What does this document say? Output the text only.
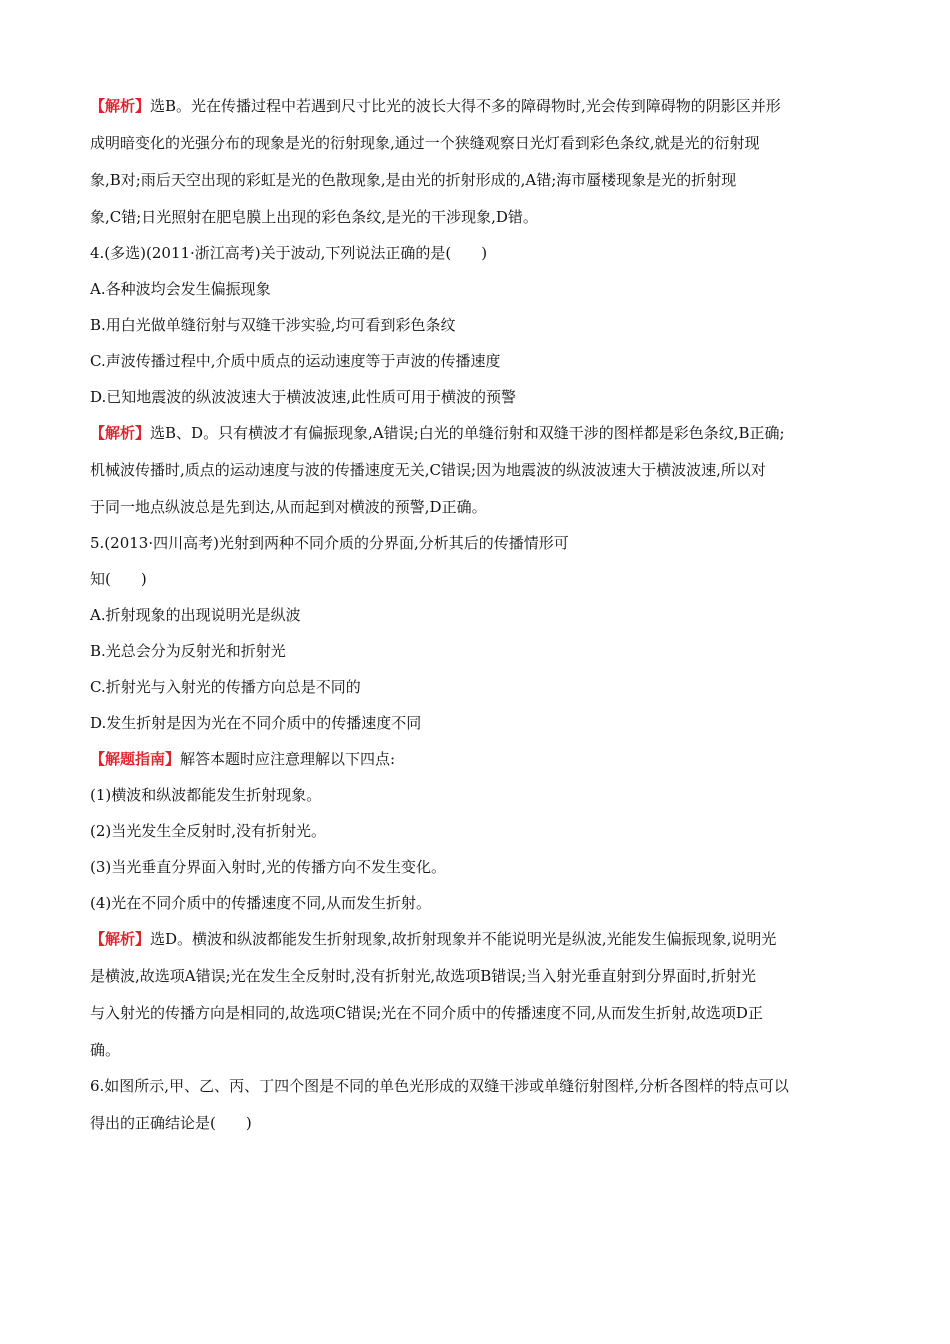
【解析】选B。光在传播过程中若遇到尺寸比光的波长大得不多的障碍物时,光会传到障碍物的阴影区并形

成明暗变化的光强分布的现象是光的衍射现象,通过一个狭缝观察日光灯看到彩色条纹,就是光的衍射现

象,B对;雨后天空出现的彩虹是光的色散现象,是由光的折射形成的,A错;海市蜃楼现象是光的折射现

象,C错;日光照射在肥皂膜上出现的彩色条纹,是光的干涉现象,D错。

4.(多选)(2011·浙江高考)关于波动,下列说法正确的是(　　)

A.各种波均会发生偏振现象

B.用白光做单缝衍射与双缝干涉实验,均可看到彩色条纹

C.声波传播过程中,介质中质点的运动速度等于声波的传播速度

D.已知地震波的纵波波速大于横波波速,此性质可用于横波的预警

【解析】选B、D。只有横波才有偏振现象,A错误;白光的单缝衍射和双缝干涉的图样都是彩色条纹,B正确;

机械波传播时,质点的运动速度与波的传播速度无关,C错误;因为地震波的纵波波速大于横波波速,所以对

于同一地点纵波总是先到达,从而起到对横波的预警,D正确。

5.(2013·四川高考)光射到两种不同介质的分界面,分析其后的传播情形可

知(　　)

A.折射现象的出现说明光是纵波

B.光总会分为反射光和折射光

C.折射光与入射光的传播方向总是不同的

D.发生折射是因为光在不同介质中的传播速度不同

【解题指南】解答本题时应注意理解以下四点:

(1)横波和纵波都能发生折射现象。

(2)当光发生全反射时,没有折射光。

(3)当光垂直分界面入射时,光的传播方向不发生变化。

(4)光在不同介质中的传播速度不同,从而发生折射。

【解析】选D。横波和纵波都能发生折射现象,故折射现象并不能说明光是纵波,光能发生偏振现象,说明光

是横波,故选项A错误;光在发生全反射时,没有折射光,故选项B错误;当入射光垂直射到分界面时,折射光

与入射光的传播方向是相同的,故选项C错误;光在不同介质中的传播速度不同,从而发生折射,故选项D正

确。

6.如图所示,甲、乙、丙、丁四个图是不同的单色光形成的双缝干涉或单缝衍射图样,分析各图样的特点可以

得出的正确结论是(　　)
